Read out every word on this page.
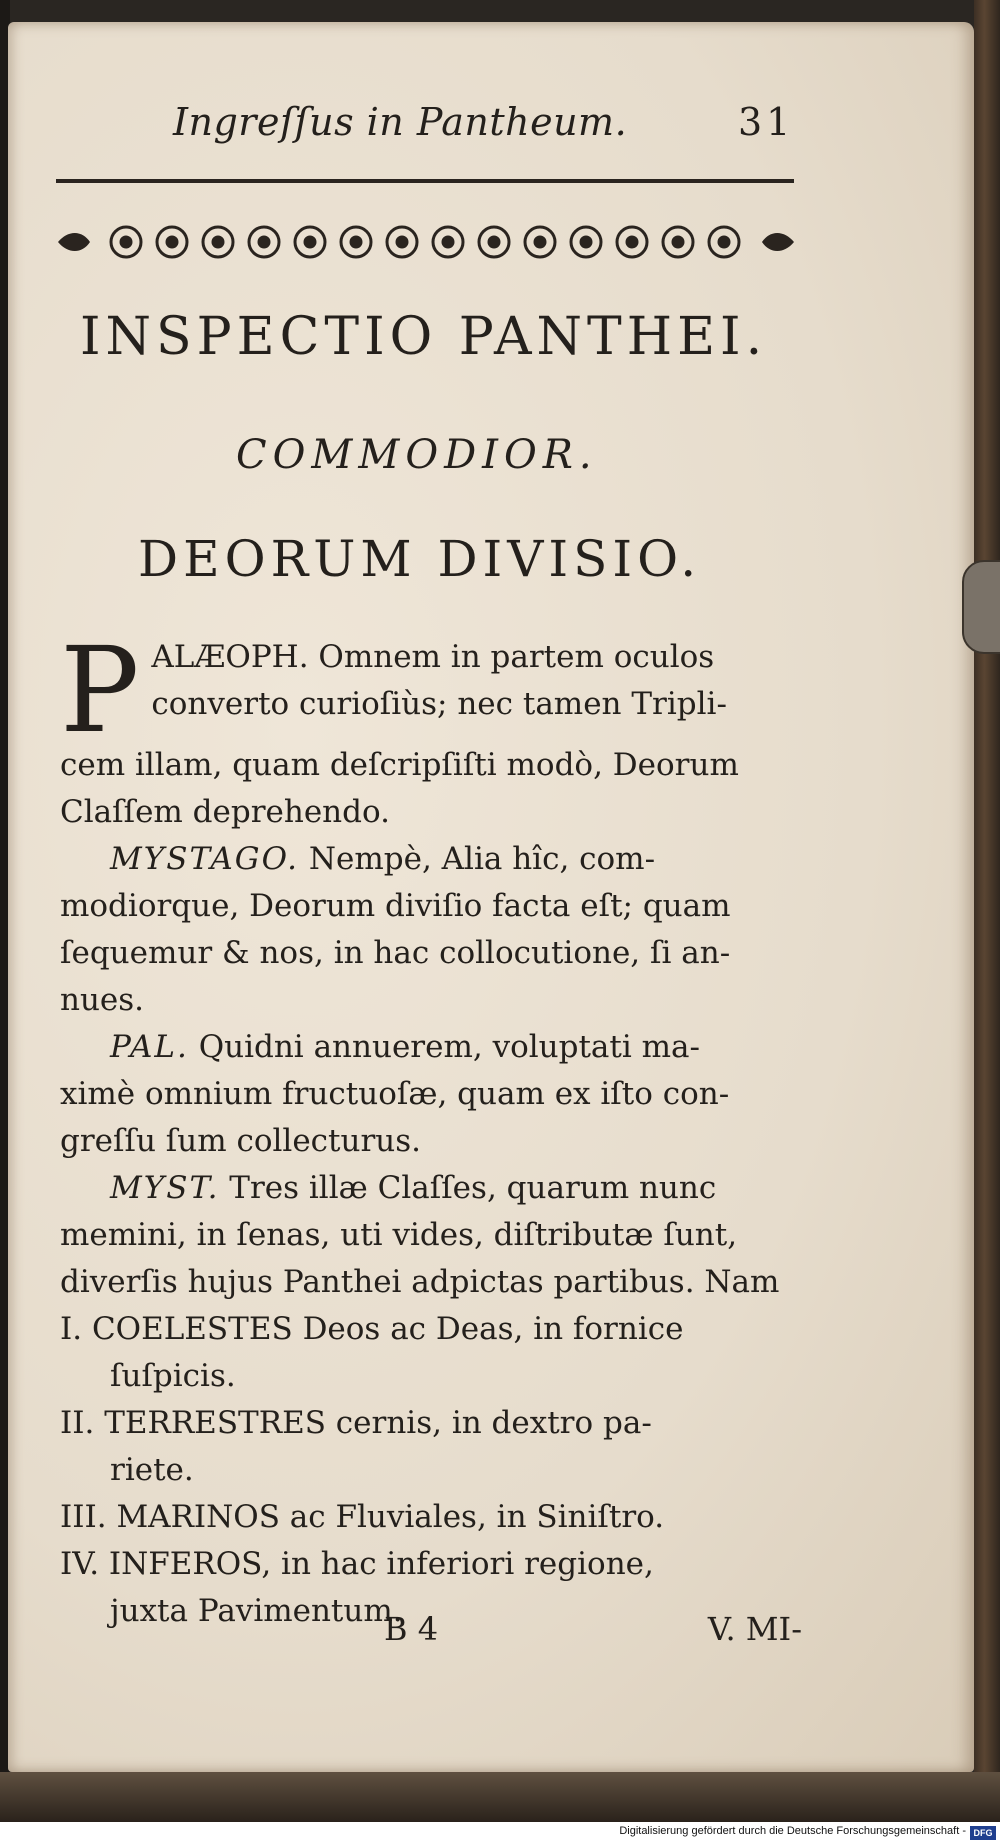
Ingreſſus in Pantheum.	31
INSPECTIO PANTHEI.
COMMODIOR.
DEORUM DIVISIO.
P ALÆOPH. Omnem in partem oculos
converto curioſiùs; nec tamen Tripli-
cem illam, quam deſcripſiſti modò, Deorum
Claſſem deprehendo.
MYSTAGO. Nempè, Alia hîc, com-
modiorque, Deorum diviſio facta eſt; quam
ſequemur & nos, in hac collocutione, ſi an-
nues.
PAL. Quidni annuerem, voluptati ma-
ximè omnium fructuoſæ, quam ex iſto con-
greſſu ſum collecturus.
MYST. Tres illæ Claſſes, quarum nunc
memini, in ſenas, uti vides, diſtributæ ſunt,
diverſis hujus Panthei adpictas partibus. Nam
I. COELESTES Deos ac Deas, in fornice
ſuſpicis.
II. TERRESTRES cernis, in dextro pa-
riete.
III. MARINOS ac Fluviales, in Siniſtro.
IV. INFEROS, in hac inferiori regione,
juxta Pavimentum.
B 4	V. MI-
Digitalisierung gefördert durch die Deutsche Forschungsgemeinschaft - DFG
